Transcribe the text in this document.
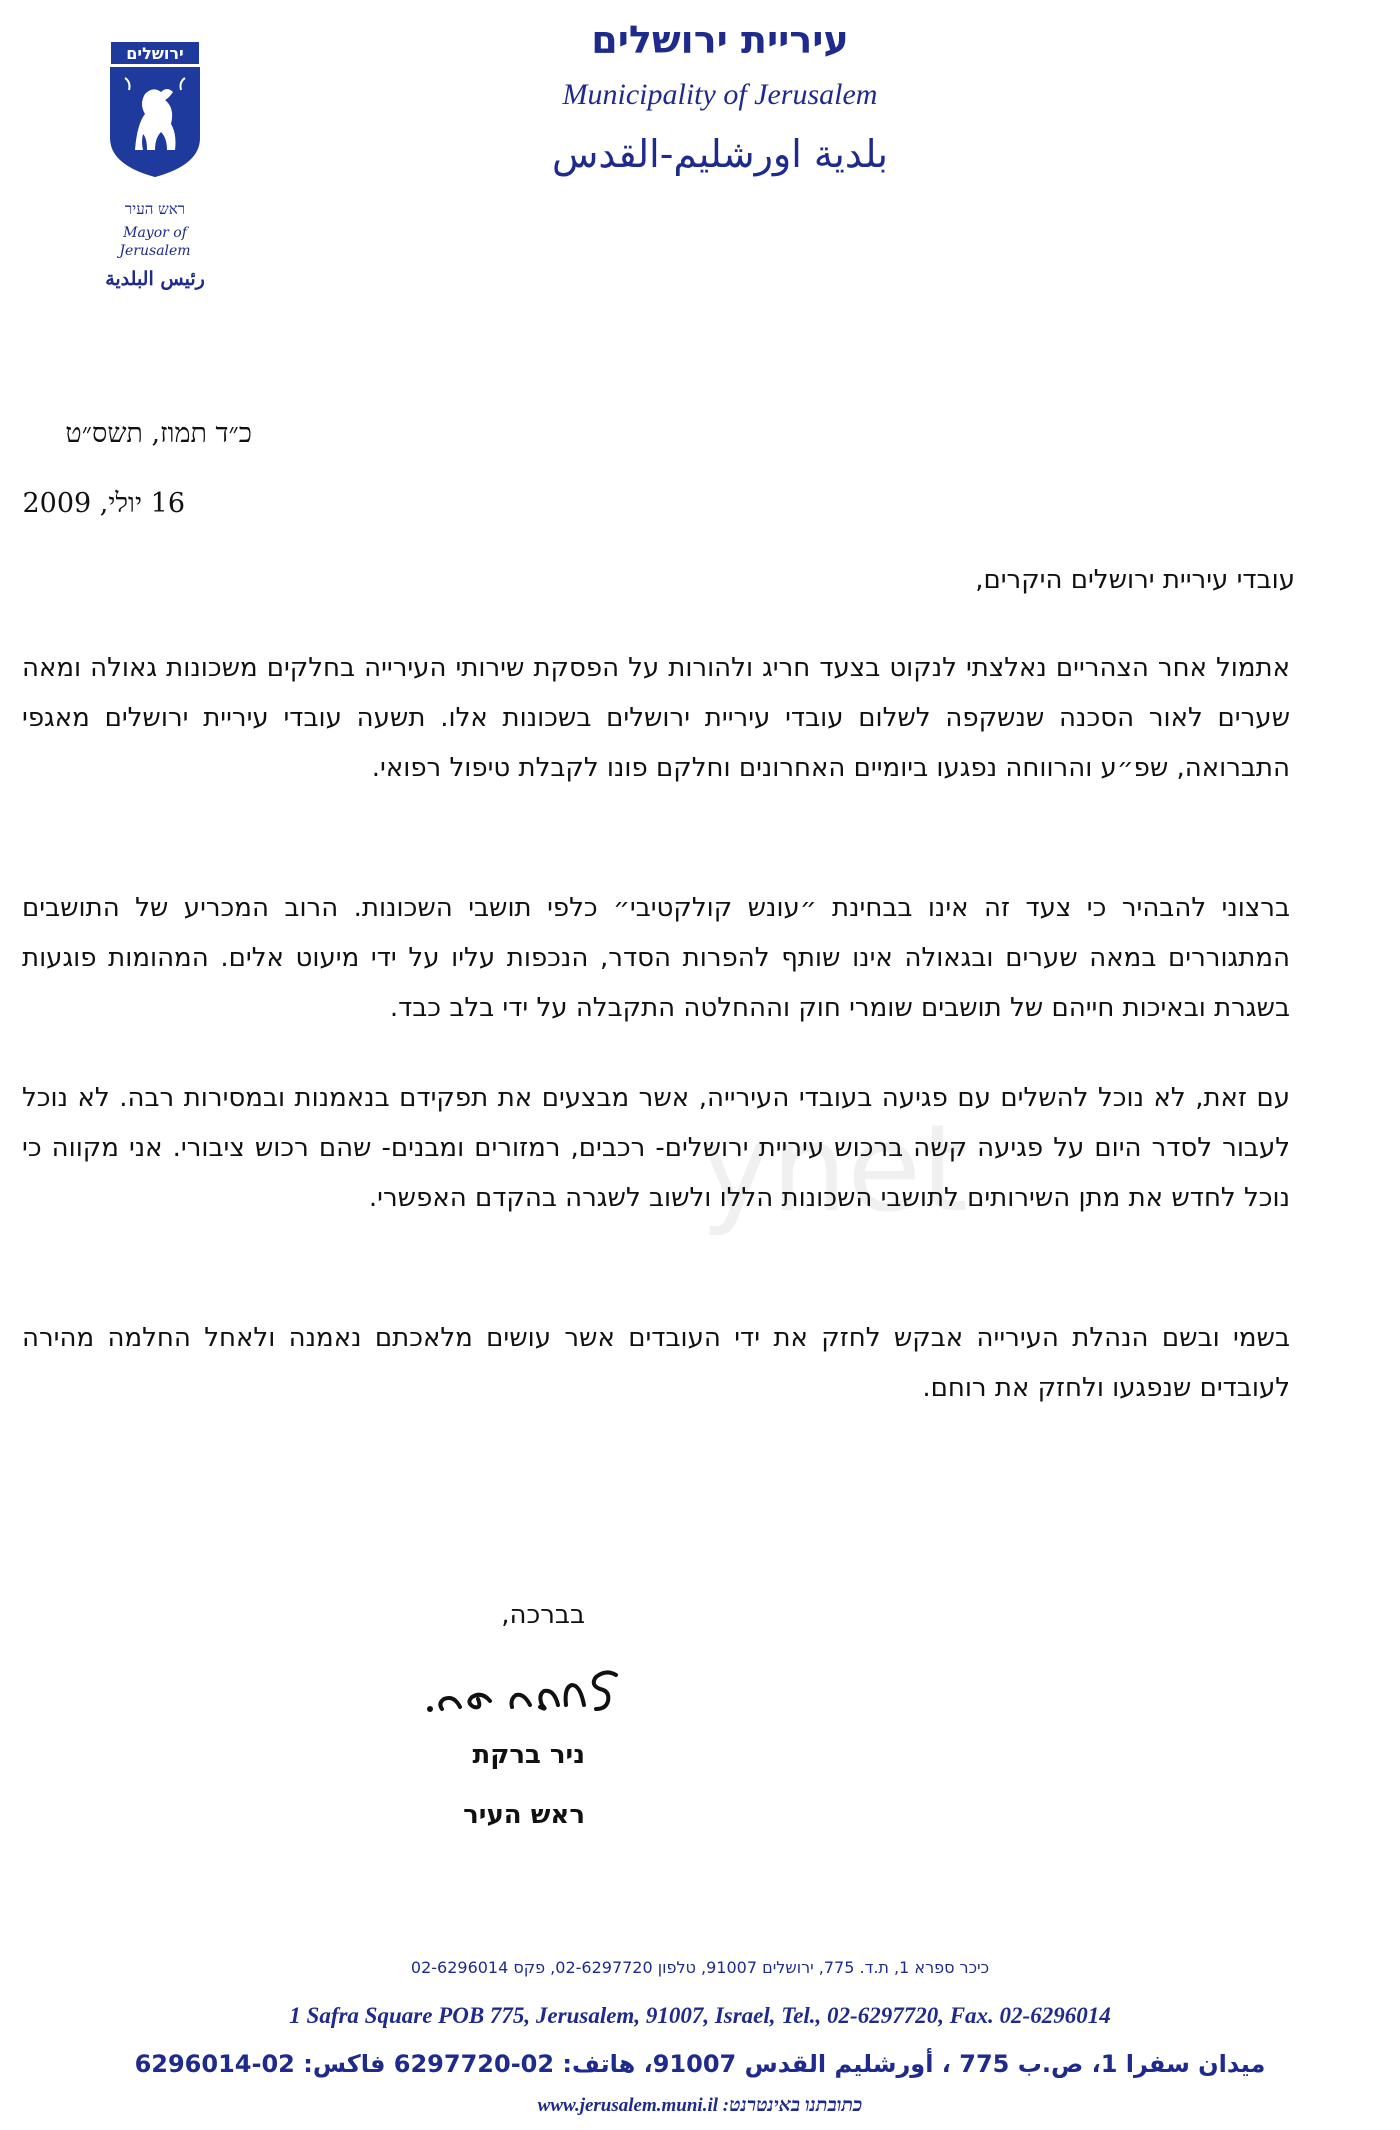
ירושלים
ראש העיר
Mayor of
Jerusalem
رئيس البلدية
עיריית ירושלים
Municipality of Jerusalem
بلدية اورشليم-القدس
כ״ד תמוז, תשס״ט
16 יולי, 2009
ynet
עובדי עיריית ירושלים היקרים,
אתמול אחר הצהריים נאלצתי לנקוט בצעד חריג ולהורות על הפסקת שירותי העירייה בחלקים משכונות גאולה ומאה שערים לאור הסכנה שנשקפה לשלום עובדי עיריית ירושלים בשכונות אלו. תשעה עובדי עיריית ירושלים מאגפי התברואה, שפ״ע והרווחה נפגעו ביומיים האחרונים וחלקם פונו לקבלת טיפול רפואי.
ברצוני להבהיר כי צעד זה אינו בבחינת ״עונש קולקטיבי״ כלפי תושבי השכונות. הרוב המכריע של התושבים המתגוררים במאה שערים ובגאולה אינו שותף להפרות הסדר, הנכפות עליו על ידי מיעוט אלים. המהומות פוגעות בשגרת ובאיכות חייהם של תושבים שומרי חוק וההחלטה התקבלה על ידי בלב כבד.
עם זאת, לא נוכל להשלים עם פגיעה בעובדי העירייה, אשר מבצעים את תפקידם בנאמנות ובמסירות רבה. לא נוכל לעבור לסדר היום על פגיעה קשה ברכוש עיריית ירושלים- רכבים, רמזורים ומבנים- שהם רכוש ציבורי. אני מקווה כי נוכל לחדש את מתן השירותים לתושבי השכונות הללו ולשוב לשגרה בהקדם האפשרי.
בשמי ובשם הנהלת העירייה אבקש לחזק את ידי העובדים אשר עושים מלאכתם נאמנה ולאחל החלמה מהירה לעובדים שנפגעו ולחזק את רוחם.
בברכה,
ניר ברקת
ראש העיר
כיכר ספרא 1, ת.ד. 775, ירושלים 91007, טלפון 02-6297720, פקס 02-6296014
1 Safra Square POB 775, Jerusalem, 91007, Israel, Tel., 02-6297720, Fax. 02-6296014
ميدان سفرا 1، ص.ب 775 ، أورشليم القدس 91007، هاتف: 02-6297720 فاكس: 02-6296014
www.jerusalem.muni.il :כתובתנו באינטרנט
